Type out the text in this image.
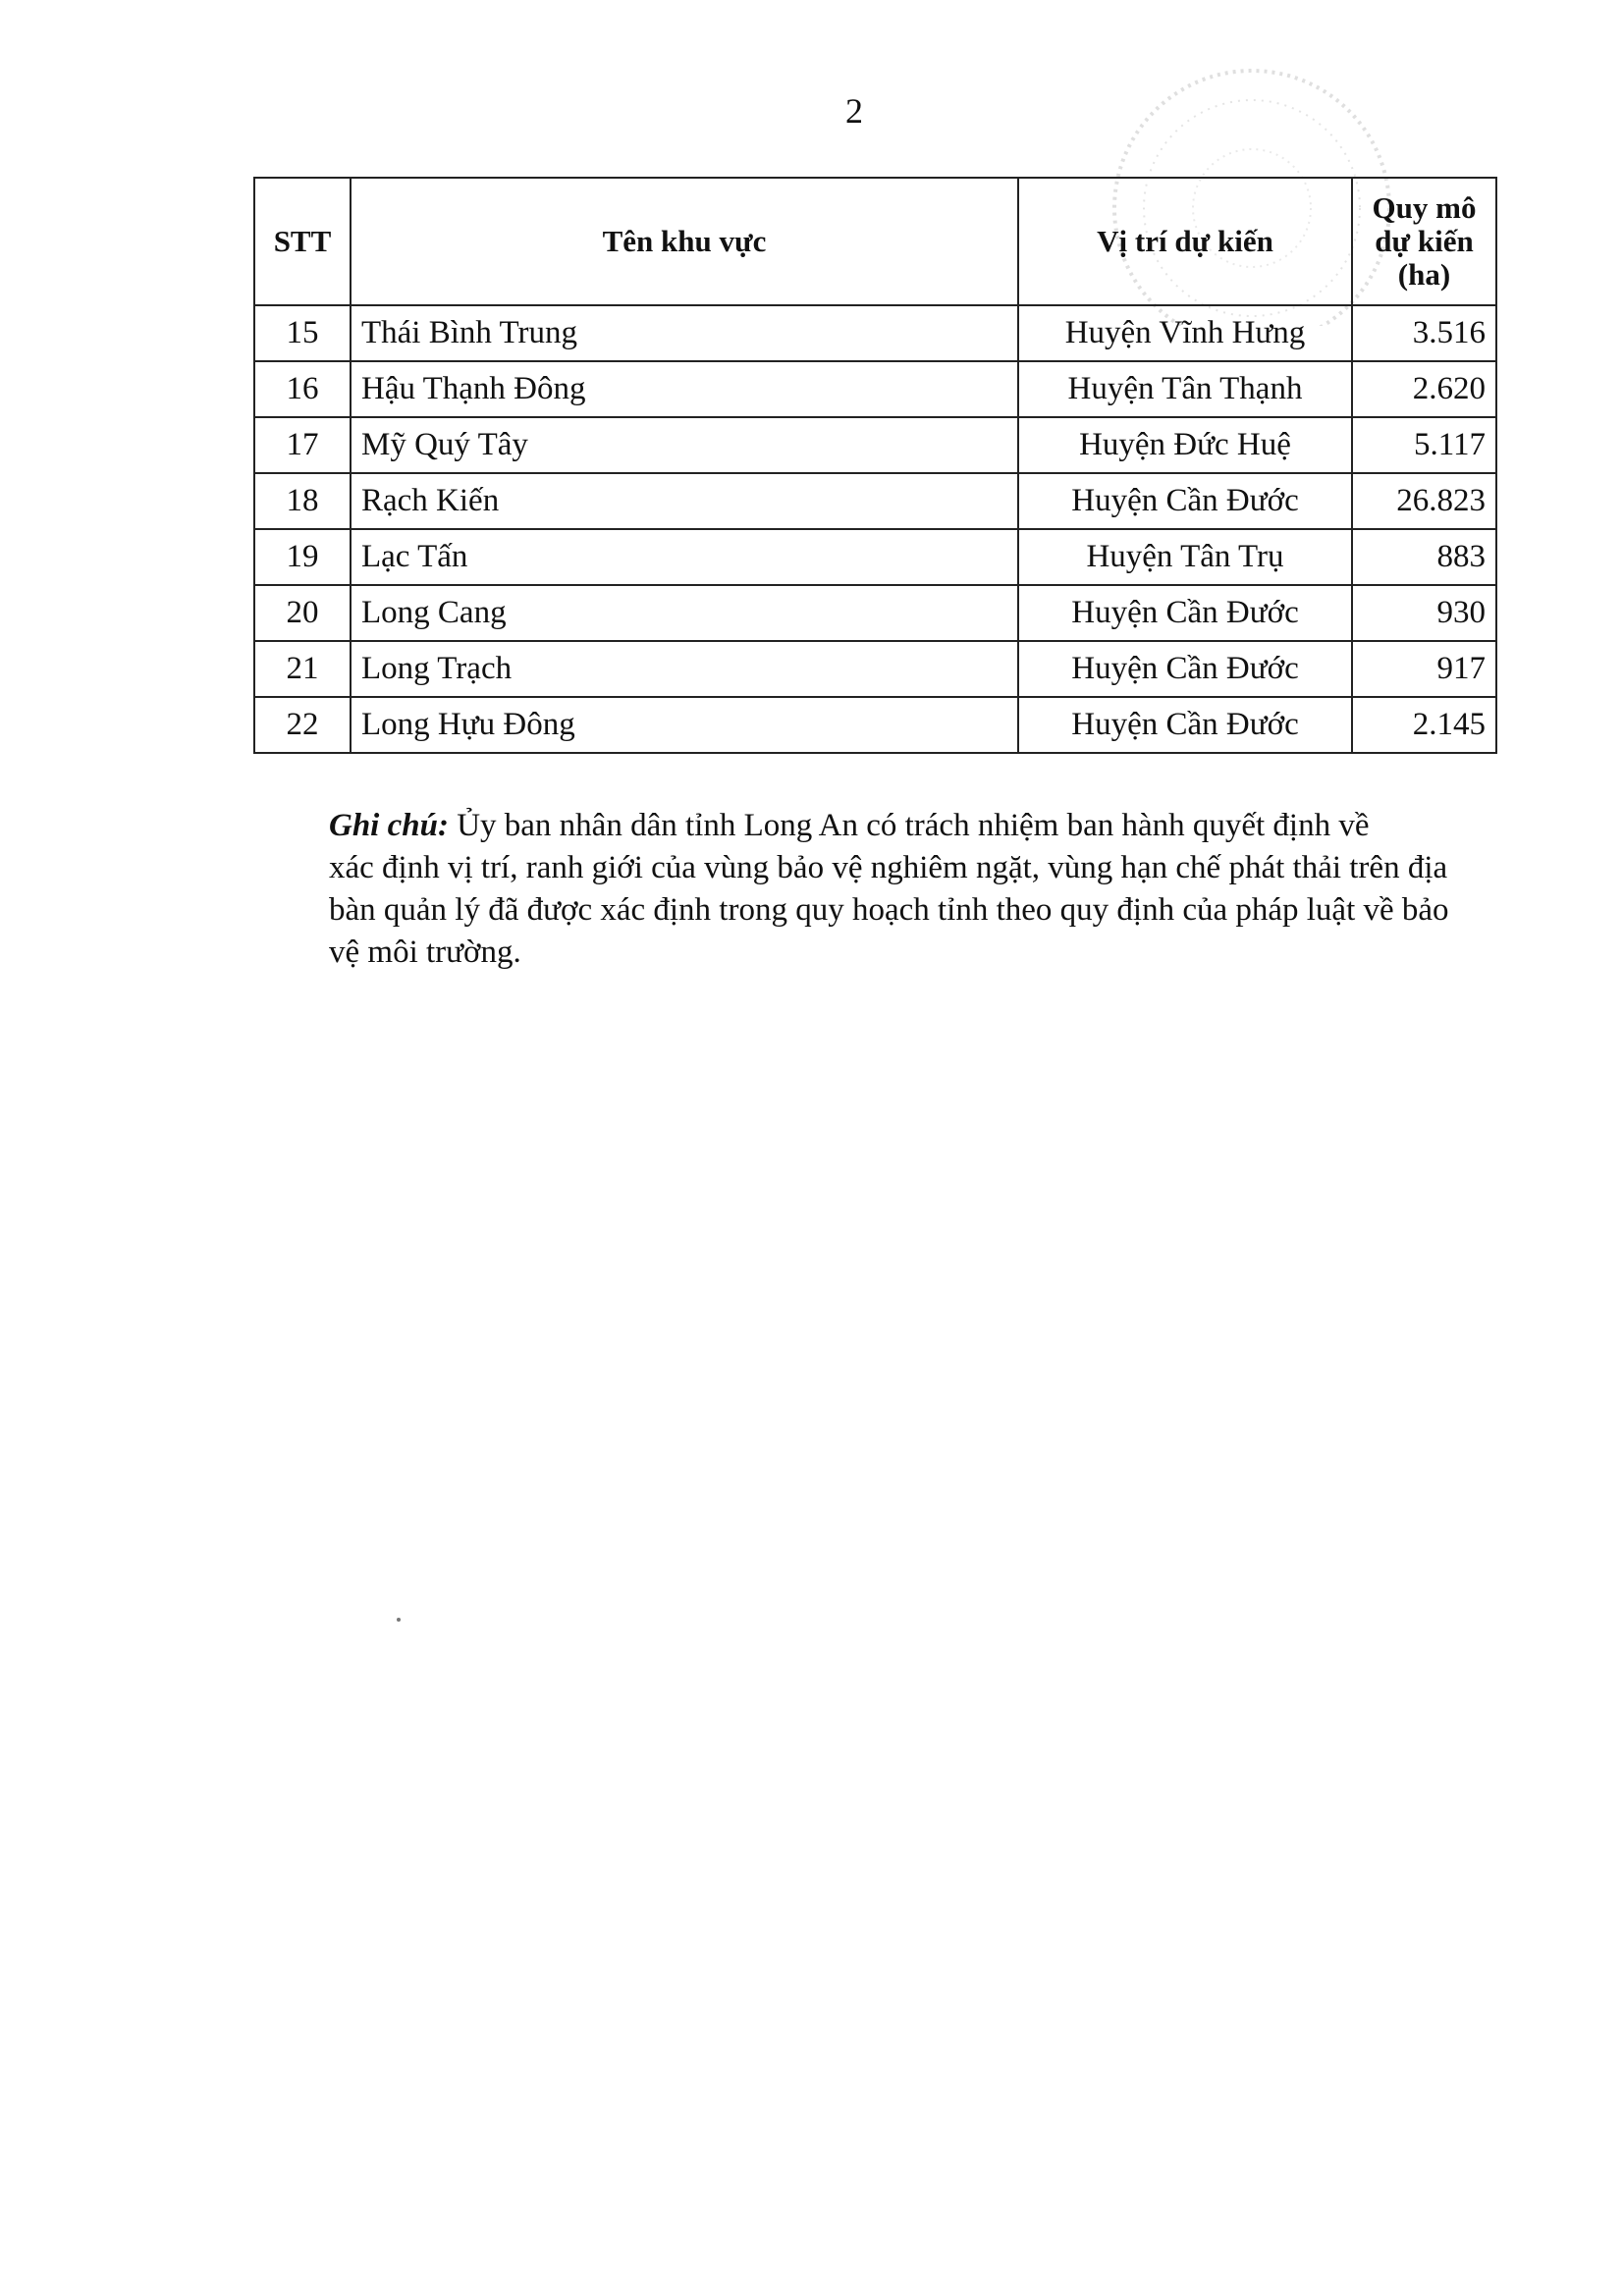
2
STT	Tên khu vực	Vị trí dự kiến	Quy mô
dự kiến
(ha)

15	Thái Bình Trung	Huyện Vĩnh Hưng	3.516
16	Hậu Thạnh Đông	Huyện Tân Thạnh	2.620
17	Mỹ Quý Tây	Huyện Đức Huệ	5.117
18	Rạch Kiến	Huyện Cần Đước	26.823
19	Lạc Tấn	Huyện Tân Trụ	883
20	Long Cang	Huyện Cần Đước	930
21	Long Trạch	Huyện Cần Đước	917
22	Long Hựu Đông	Huyện Cần Đước	2.145

Ghi chú: Ủy ban nhân dân tỉnh Long An có trách nhiệm ban hành quyết định về

xác định vị trí, ranh giới của vùng bảo vệ nghiêm ngặt, vùng hạn chế phát thải trên địa

bàn quản lý đã được xác định trong quy hoạch tỉnh theo quy định của pháp luật về bảo

vệ môi trường.
